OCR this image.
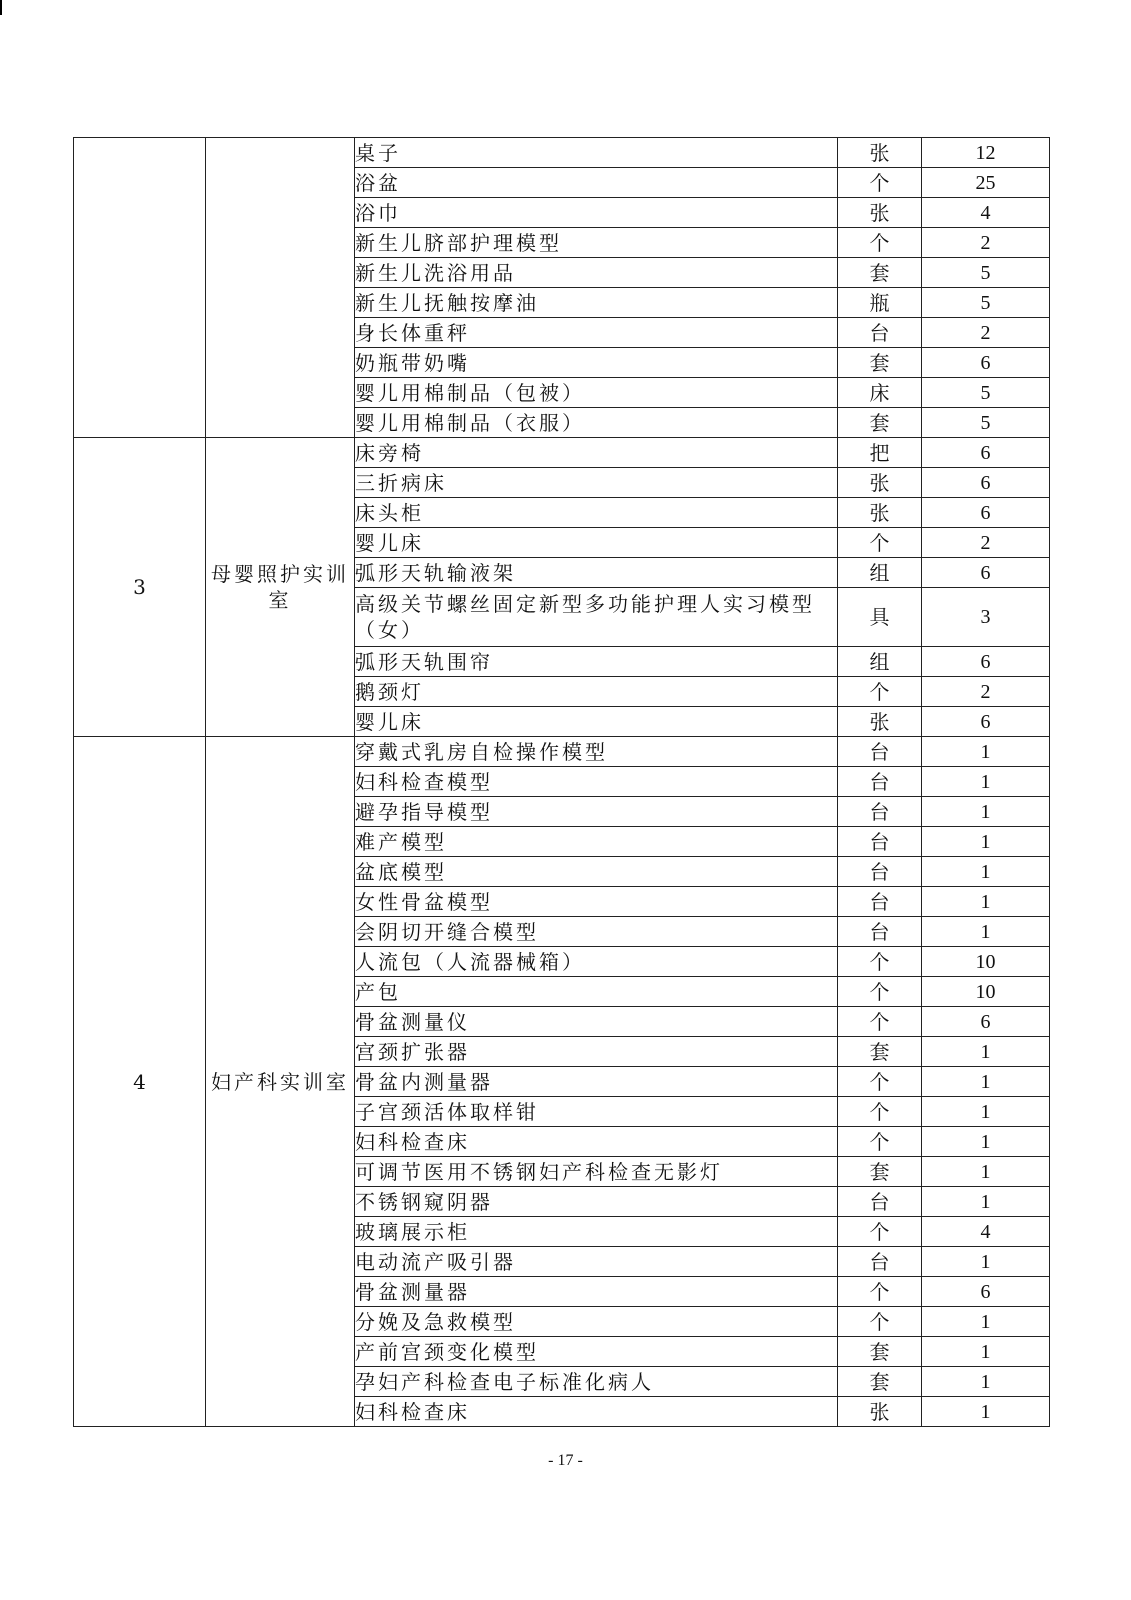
		桌子	张	12
		浴盆	个	25
		浴巾	张	4
		新生儿脐部护理模型	个	2
		新生儿洗浴用品	套	5
		新生儿抚触按摩油	瓶	5
		身长体重秤	台	2
		奶瓶带奶嘴	套	6
		婴儿用棉制品（包被）	床	5
		婴儿用棉制品（衣服）	套	5
3	母婴照护实训室	床旁椅	把	6
		三折病床	张	6
		床头柜	张	6
		婴儿床	个	2
		弧形天轨输液架	组	6
		高级关节螺丝固定新型多功能护理人实习模型（女）	具	3
		弧形天轨围帘	组	6
		鹅颈灯	个	2
		婴儿床	张	6
4	妇产科实训室	穿戴式乳房自检操作模型	台	1
		妇科检查模型	台	1
		避孕指导模型	台	1
		难产模型	台	1
		盆底模型	台	1
		女性骨盆模型	台	1
		会阴切开缝合模型	台	1
		人流包（人流器械箱）	个	10
		产包	个	10
		骨盆测量仪	个	6
		宫颈扩张器	套	1
		骨盆内测量器	个	1
		子宫颈活体取样钳	个	1
		妇科检查床	个	1
		可调节医用不锈钢妇产科检查无影灯	套	1
		不锈钢窥阴器	台	1
		玻璃展示柜	个	4
		电动流产吸引器	台	1
		骨盆测量器	个	6
		分娩及急救模型	个	1
		产前宫颈变化模型	套	1
		孕妇产科检查电子标准化病人	套	1
		妇科检查床	张	1
- 17 -
